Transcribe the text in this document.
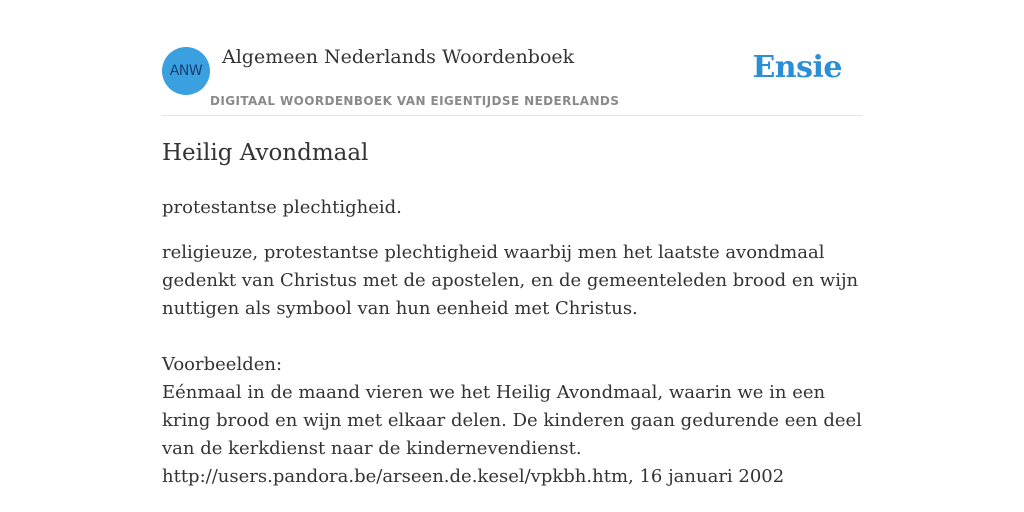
ANW
Algemeen Nederlands Woordenboek
DIGITAAL WOORDENBOEK VAN EIGENTIJDSE NEDERLANDS
Ensie
Heilig Avondmaal
protestantse plechtigheid.

religieuze, protestantse plechtigheid waarbij men het laatste avondmaal gedenkt van Christus met de apostelen, en de gemeenteleden brood en wijn nuttigen als symbool van hun eenheid met Christus.

Voorbeelden:

Eénmaal in de maand vieren we het Heilig Avondmaal, waarin we in een kring brood en wijn met elkaar delen. De kinderen gaan gedurende een deel van de kerkdienst naar de kindernevendienst.

http://users.pandora.be/arseen.de.kesel/vpkbh.htm, 16 januari 2002
